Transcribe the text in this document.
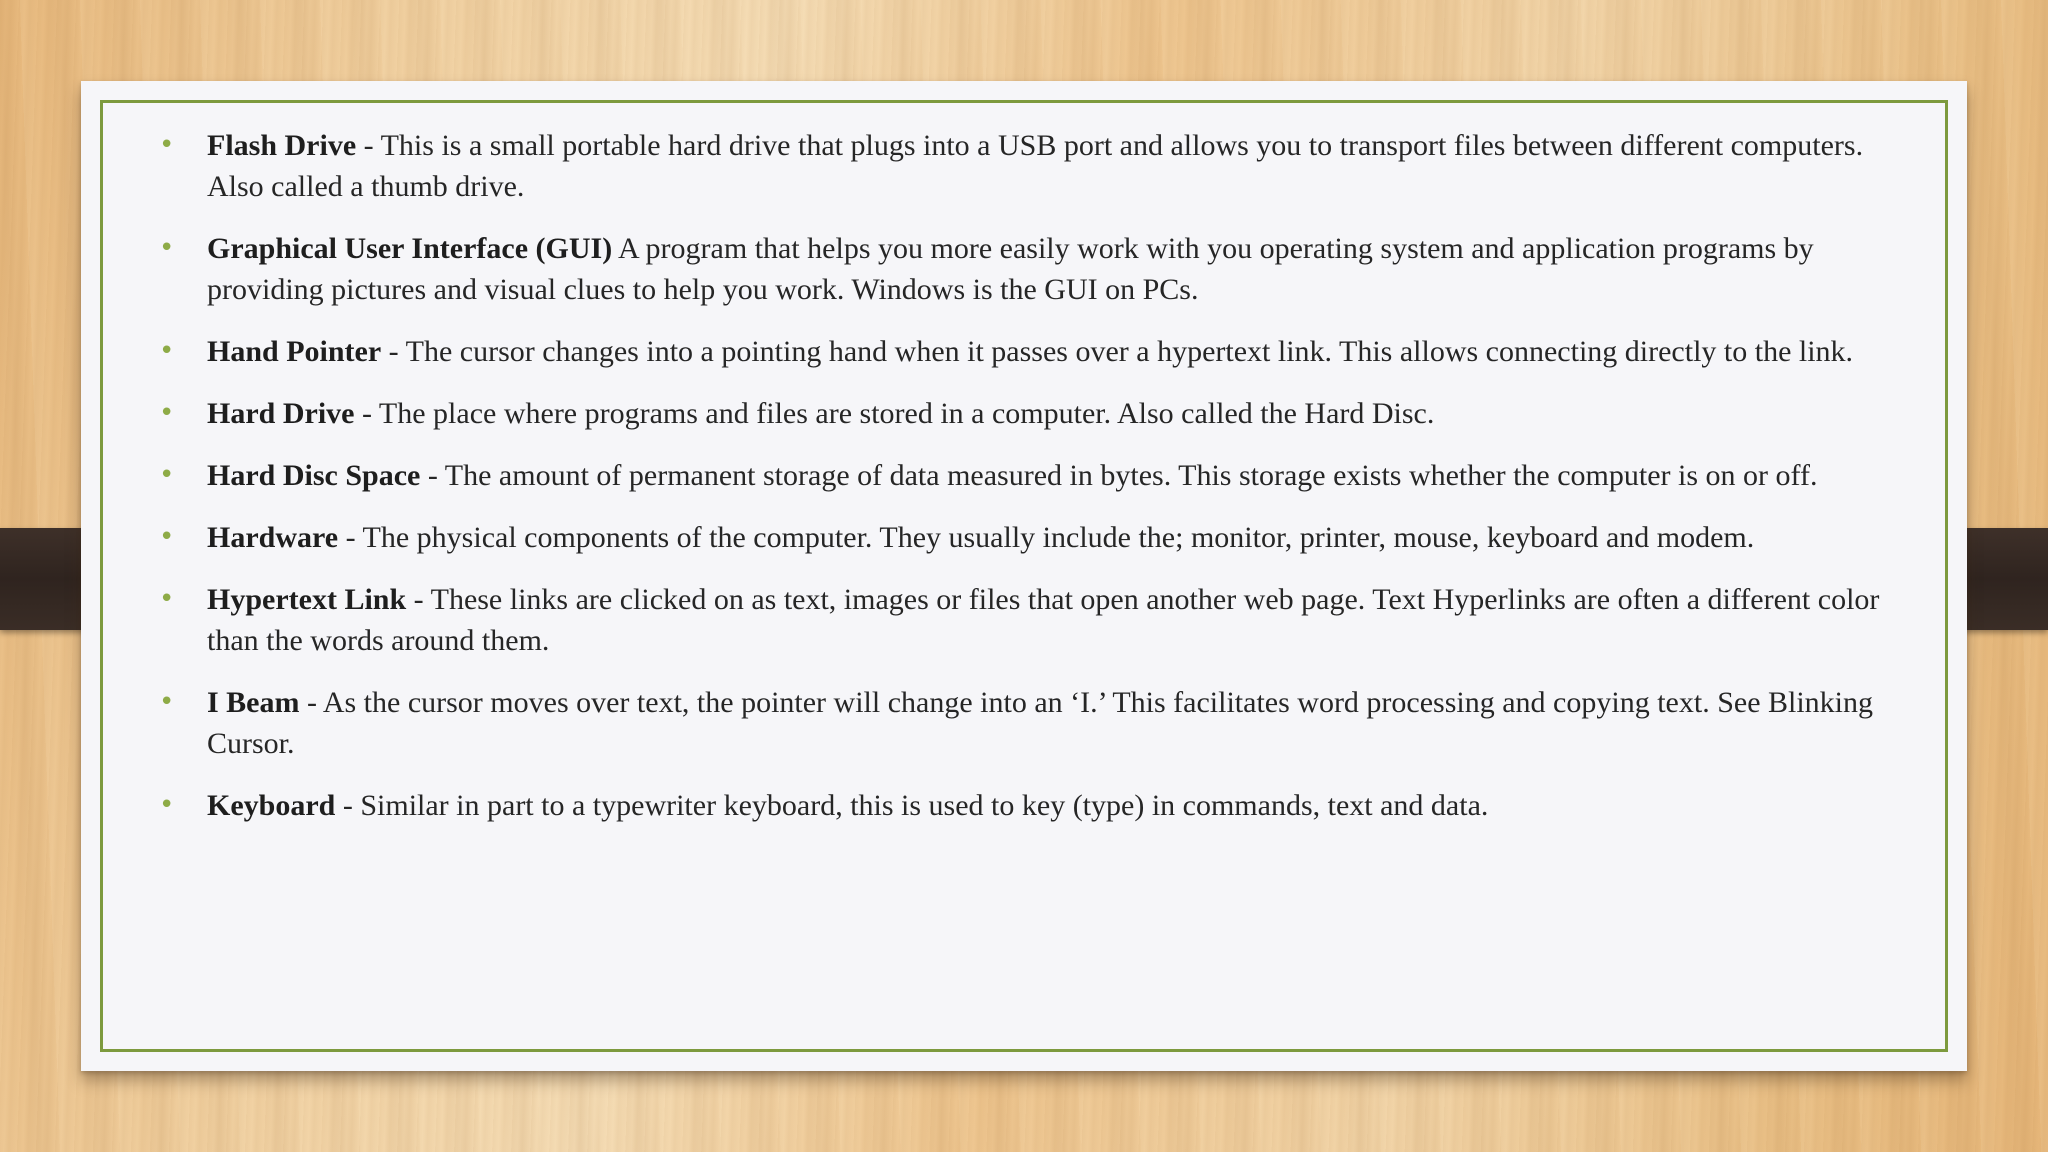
• Flash Drive - This is a small portable hard drive that plugs into a USB port and allows you to transport files between different computers. Also called a thumb drive.
• Graphical User Interface (GUI) A program that helps you more easily work with you operating system and application programs by providing pictures and visual clues to help you work. Windows is the GUI on PCs.
• Hand Pointer - The cursor changes into a pointing hand when it passes over a hypertext link. This allows connecting directly to the link.
• Hard Drive - The place where programs and files are stored in a computer. Also called the Hard Disc.
• Hard Disc Space - The amount of permanent storage of data measured in bytes. This storage exists whether the computer is on or off.
• Hardware - The physical components of the computer. They usually include the; monitor, printer, mouse, keyboard and modem.
• Hypertext Link - These links are clicked on as text, images or files that open another web page. Text Hyperlinks are often a different color than the words around them.
• I Beam - As the cursor moves over text, the pointer will change into an ‘I.’ This facilitates word processing and copying text. See Blinking Cursor.
• Keyboard - Similar in part to a typewriter keyboard, this is used to key (type) in commands, text and data.
